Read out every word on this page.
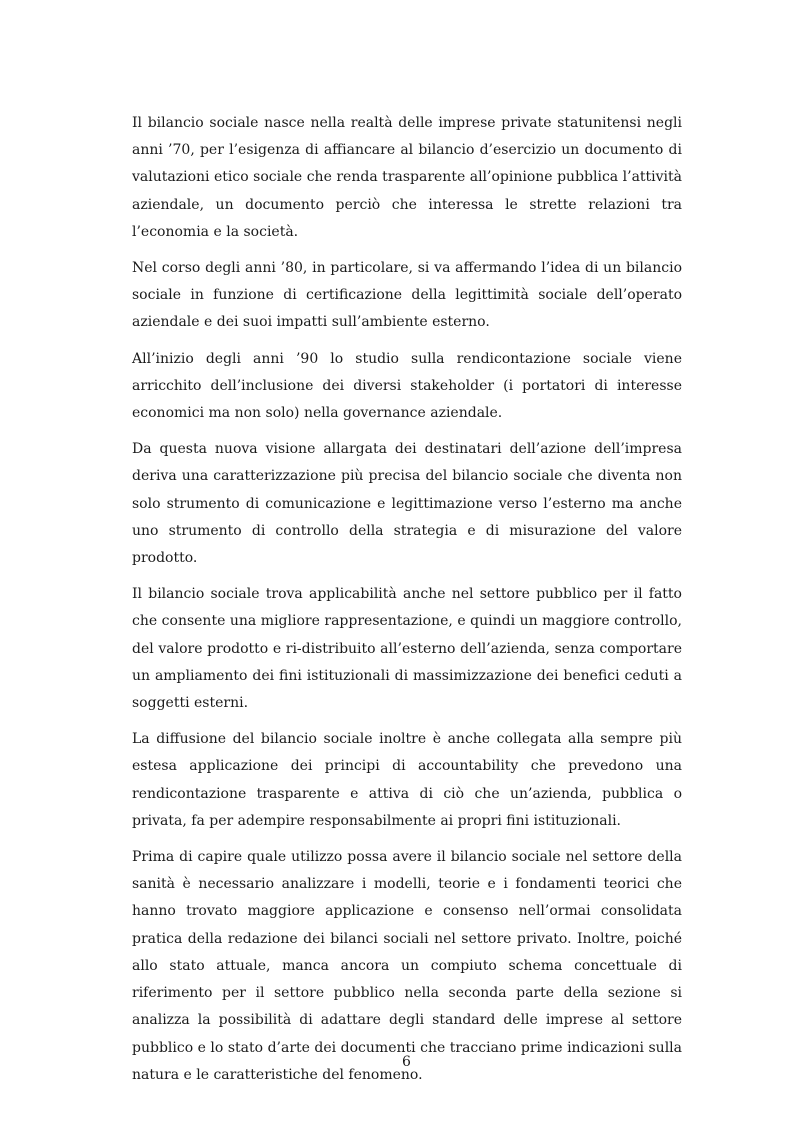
Il bilancio sociale nasce nella realtà delle imprese private statunitensi negli anni ’70, per l’esigenza di affiancare al bilancio d’esercizio un documento di valutazioni etico sociale che renda trasparente all’opinione pubblica l’attività aziendale, un documento perciò che interessa le strette relazioni tra l’economia e la società.

Nel corso degli anni ’80, in particolare, si va affermando l’idea di un bilancio sociale in funzione di certificazione della legittimità sociale dell’operato aziendale e dei suoi impatti sull’ambiente esterno.

All’inizio degli anni ’90 lo studio sulla rendicontazione sociale viene arricchito dell’inclusione dei diversi stakeholder (i portatori di interesse economici ma non solo) nella governance aziendale.

Da questa nuova visione allargata dei destinatari dell’azione dell’impresa deriva una caratterizzazione più precisa del bilancio sociale che diventa non solo strumento di comunicazione e legittimazione verso l’esterno ma anche uno strumento di controllo della strategia e di misurazione del valore prodotto.

Il bilancio sociale trova applicabilità anche nel settore pubblico per il fatto che consente una migliore rappresentazione, e quindi un maggiore controllo, del valore prodotto e ri-distribuito all’esterno dell’azienda, senza comportare un ampliamento dei fini istituzionali di massimizzazione dei benefici ceduti a soggetti esterni.

La diffusione del bilancio sociale inoltre è anche collegata alla sempre più estesa applicazione dei principi di accountability che prevedono una rendicontazione trasparente e attiva di ciò che un’azienda, pubblica o privata, fa per adempire responsabilmente ai propri fini istituzionali.

Prima di capire quale utilizzo possa avere il bilancio sociale nel settore della sanità è necessario analizzare i modelli, teorie e i fondamenti teorici che hanno trovato maggiore applicazione e consenso nell’ormai consolidata pratica della redazione dei bilanci sociali nel settore privato. Inoltre, poiché allo stato attuale, manca ancora un compiuto schema concettuale di riferimento per il settore pubblico nella seconda parte della sezione si analizza la possibilità di adattare degli standard delle imprese al settore pubblico e lo stato d’arte dei documenti che tracciano prime indicazioni sulla natura e le caratteristiche del fenomeno.

6
